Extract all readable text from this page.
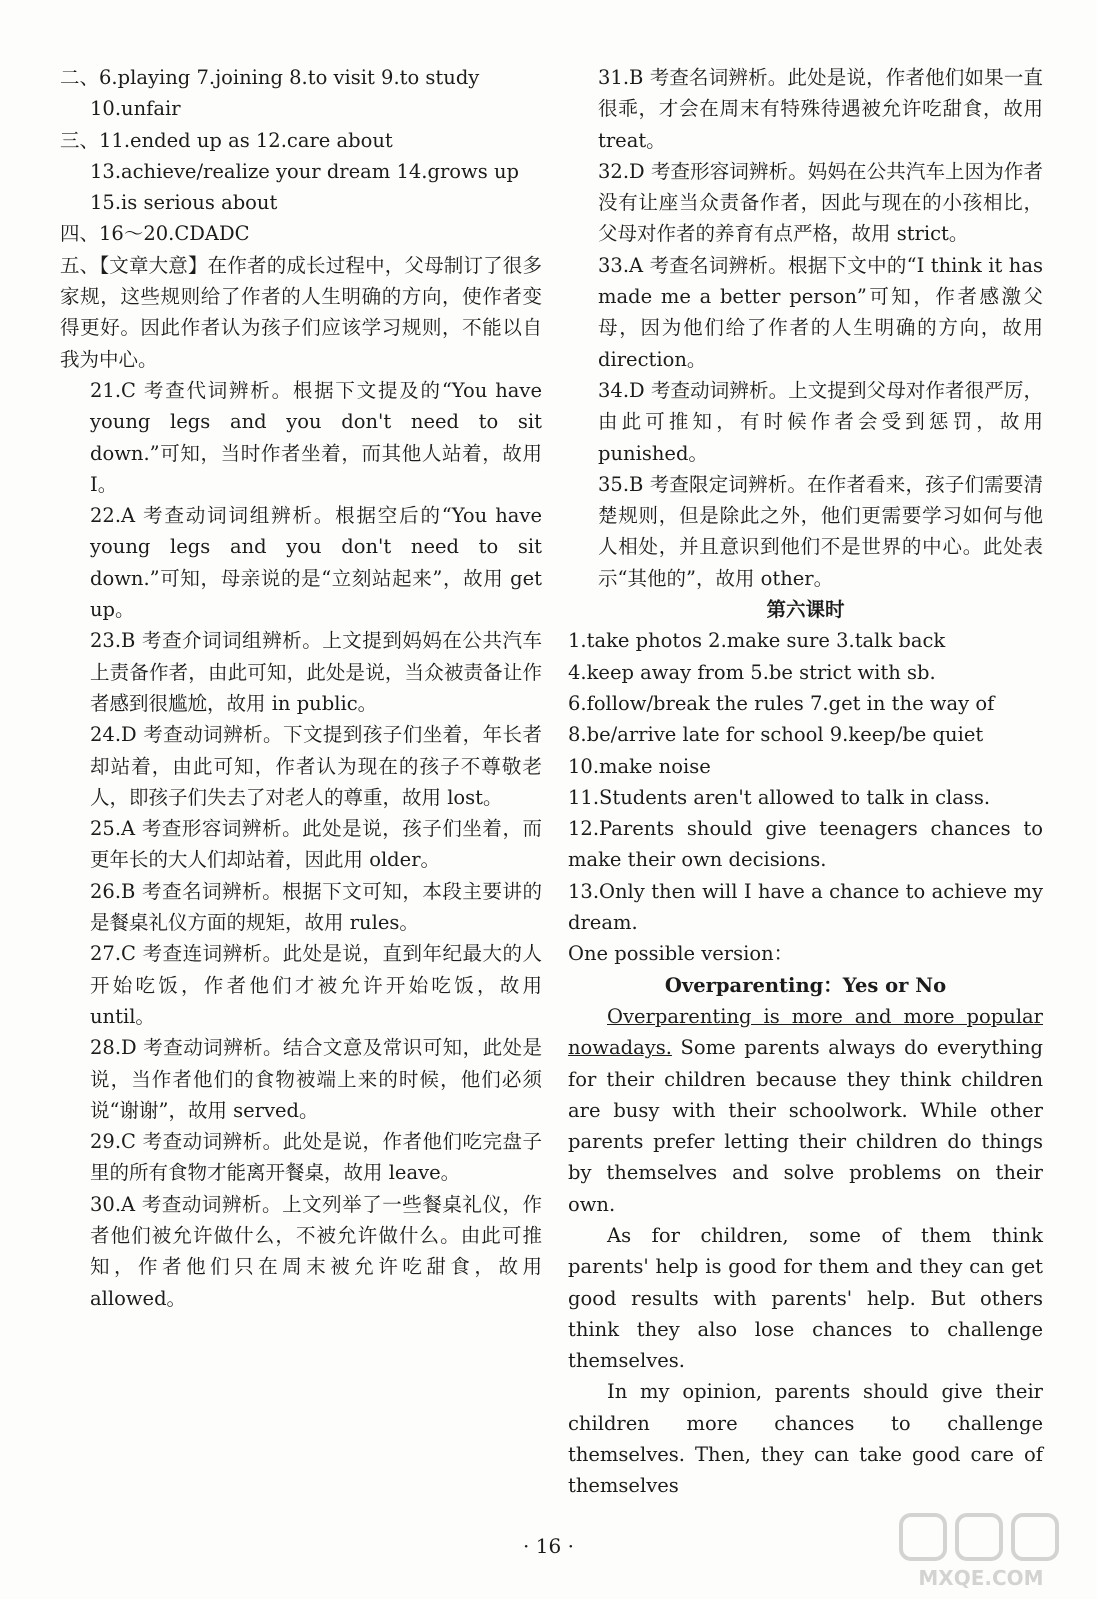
二、6.playing 7.joining 8.to visit 9.to study
10.unfair
三、11.ended up as 12.care about
13.achieve/realize your dream 14.grows up
15.is serious about
四、16～20.CDADC

五、【文章大意】在作者的成长过程中，父母制订了很多家规，这些规则给了作者的人生明确的方向，使作者变得更好。因此作者认为孩子们应该学习规则，不能以自我为中心。

21.C 考查代词辨析。根据下文提及的“You have young legs and you don't need to sit down.”可知，当时作者坐着，而其他人站着，故用 I。

22.A 考查动词词组辨析。根据空后的“You have young legs and you don't need to sit down.”可知，母亲说的是“立刻站起来”，故用 get up。

23.B 考查介词词组辨析。上文提到妈妈在公共汽车上责备作者，由此可知，此处是说，当众被责备让作者感到很尴尬，故用 in public。

24.D 考查动词辨析。下文提到孩子们坐着，年长者却站着，由此可知，作者认为现在的孩子不尊敬老人，即孩子们失去了对老人的尊重，故用 lost。

25.A 考查形容词辨析。此处是说，孩子们坐着，而更年长的大人们却站着，因此用 older。

26.B 考查名词辨析。根据下文可知，本段主要讲的是餐桌礼仪方面的规矩，故用 rules。

27.C 考查连词辨析。此处是说，直到年纪最大的人开始吃饭，作者他们才被允许开始吃饭，故用 until。

28.D 考查动词辨析。结合文意及常识可知，此处是说，当作者他们的食物被端上来的时候，他们必须说“谢谢”，故用 served。

29.C 考查动词辨析。此处是说，作者他们吃完盘子里的所有食物才能离开餐桌，故用 leave。

30.A 考查动词辨析。上文列举了一些餐桌礼仪，作者他们被允许做什么，不被允许做什么。由此可推知，作者他们只在周末被允许吃甜食，故用 allowed。

31.B 考查名词辨析。此处是说，作者他们如果一直很乖，才会在周末有特殊待遇被允许吃甜食，故用 treat。

32.D 考查形容词辨析。妈妈在公共汽车上因为作者没有让座当众责备作者，因此与现在的小孩相比，父母对作者的养育有点严格，故用 strict。

33.A 考查名词辨析。根据下文中的“I think it has made me a better person”可知，作者感激父母，因为他们给了作者的人生明确的方向，故用 direction。

34.D 考查动词辨析。上文提到父母对作者很严厉，由此可推知，有时候作者会受到惩罚，故用 punished。

35.B 考查限定词辨析。在作者看来，孩子们需要清楚规则，但是除此之外，他们更需要学习如何与他人相处，并且意识到他们不是世界的中心。此处表示“其他的”，故用 other。

第六课时
1.take photos 2.make sure 3.talk back
4.keep away from 5.be strict with sb.
6.follow/break the rules 7.get in the way of
8.be/arrive late for school 9.keep/be quiet
10.make noise
11.Students aren't allowed to talk in class.

12.Parents should give teenagers chances to make their own decisions.

13.Only then will I have a chance to achieve my dream.

One possible version：
Overparenting：Yes or No

Overparenting is more and more popular nowadays. Some parents always do everything for their children because they think children are busy with their schoolwork. While other parents prefer letting their children do things by themselves and solve problems on their own.

As for children, some of them think parents' help is good for them and they can get good results with parents' help. But others think they also lose chances to challenge themselves.

In my opinion, parents should give their children more chances to challenge themselves. Then, they can take good care of themselves

· 16 ·
MXQE.COM
